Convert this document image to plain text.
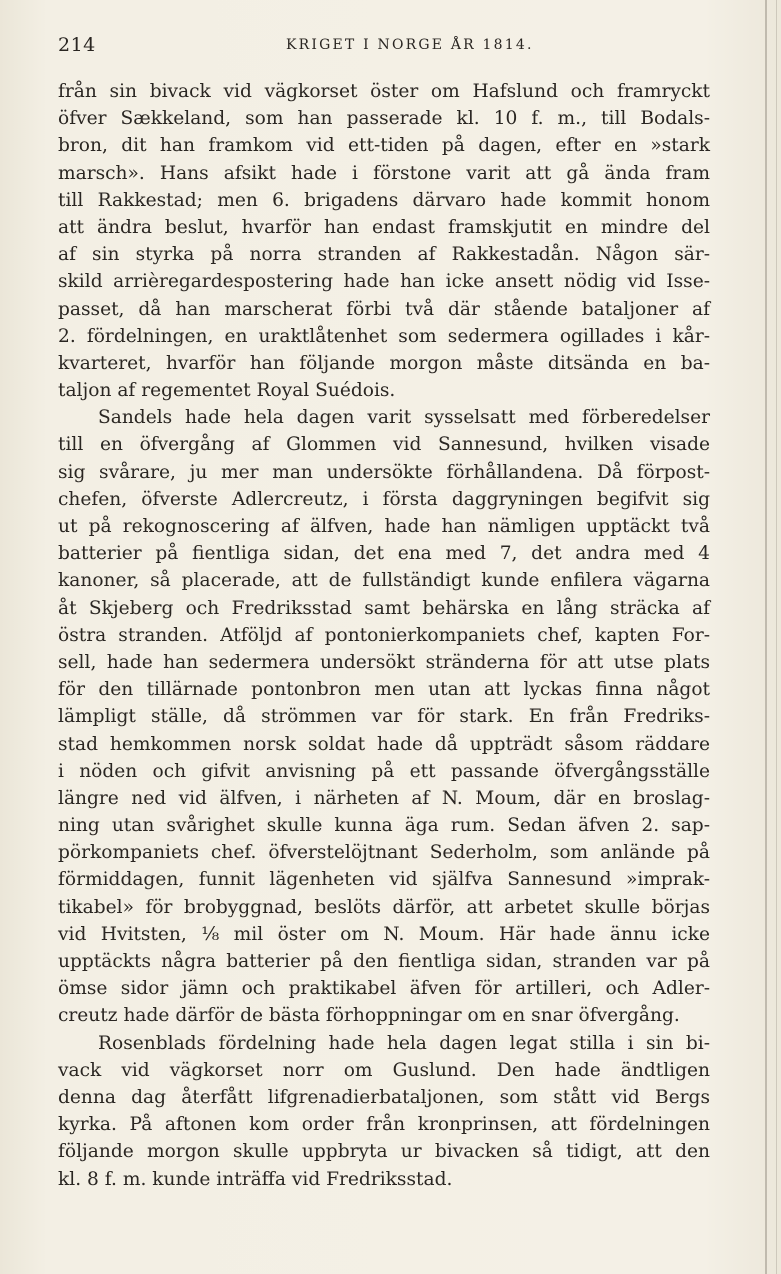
214	KRIGET I NORGE ÅR 1814.
från sin bivack vid vägkorset öster om Hafslund och framryckt
öfver Sækkeland, som han passerade kl. 10 f. m., till Bodals-
bron, dit han framkom vid ett-tiden på dagen, efter en »stark
marsch». Hans afsikt hade i förstone varit att gå ända fram
till Rakkestad; men 6. brigadens därvaro hade kommit honom
att ändra beslut, hvarför han endast framskjutit en mindre del
af sin styrka på norra stranden af Rakkestadån. Någon sär-
skild arrièregardespostering hade han icke ansett nödig vid Isse-
passet, då han marscherat förbi två där stående bataljoner af
2. fördelningen, en uraktlåtenhet som sedermera ogillades i kår-
kvarteret, hvarför han följande morgon måste ditsända en ba-
taljon af regementet Royal Suédois.
Sandels hade hela dagen varit sysselsatt med förberedelser
till en öfvergång af Glommen vid Sannesund, hvilken visade
sig svårare, ju mer man undersökte förhållandena. Då förpost-
chefen, öfverste Adlercreutz, i första daggryningen begifvit sig
ut på rekognoscering af älfven, hade han nämligen upptäckt två
batterier på fientliga sidan, det ena med 7, det andra med 4
kanoner, så placerade, att de fullständigt kunde enfilera vägarna
åt Skjeberg och Fredriksstad samt behärska en lång sträcka af
östra stranden. Atföljd af pontonierkompaniets chef, kapten For-
sell, hade han sedermera undersökt stränderna för att utse plats
för den tillärnade pontonbron men utan att lyckas finna något
lämpligt ställe, då strömmen var för stark. En från Fredriks-
stad hemkommen norsk soldat hade då uppträdt såsom räddare
i nöden och gifvit anvisning på ett passande öfvergångsställe
längre ned vid älfven, i närheten af N. Moum, där en broslag-
ning utan svårighet skulle kunna äga rum. Sedan äfven 2. sap-
pörkompaniets chef. öfverstelöjtnant Sederholm, som anlände på
förmiddagen, funnit lägenheten vid själfva Sannesund »imprak-
tikabel» för brobyggnad, beslöts därför, att arbetet skulle börjas
vid Hvitsten, ¹⁄₈ mil öster om N. Moum. Här hade ännu icke
upptäckts några batterier på den fientliga sidan, stranden var på
ömse sidor jämn och praktikabel äfven för artilleri, och Adler-
creutz hade därför de bästa förhoppningar om en snar öfvergång.
Rosenblads fördelning hade hela dagen legat stilla i sin bi-
vack vid vägkorset norr om Guslund. Den hade ändtligen
denna dag återfått lifgrenadierbataljonen, som stått vid Bergs
kyrka. På aftonen kom order från kronprinsen, att fördelningen
följande morgon skulle uppbryta ur bivacken så tidigt, att den
kl. 8 f. m. kunde inträffa vid Fredriksstad.
